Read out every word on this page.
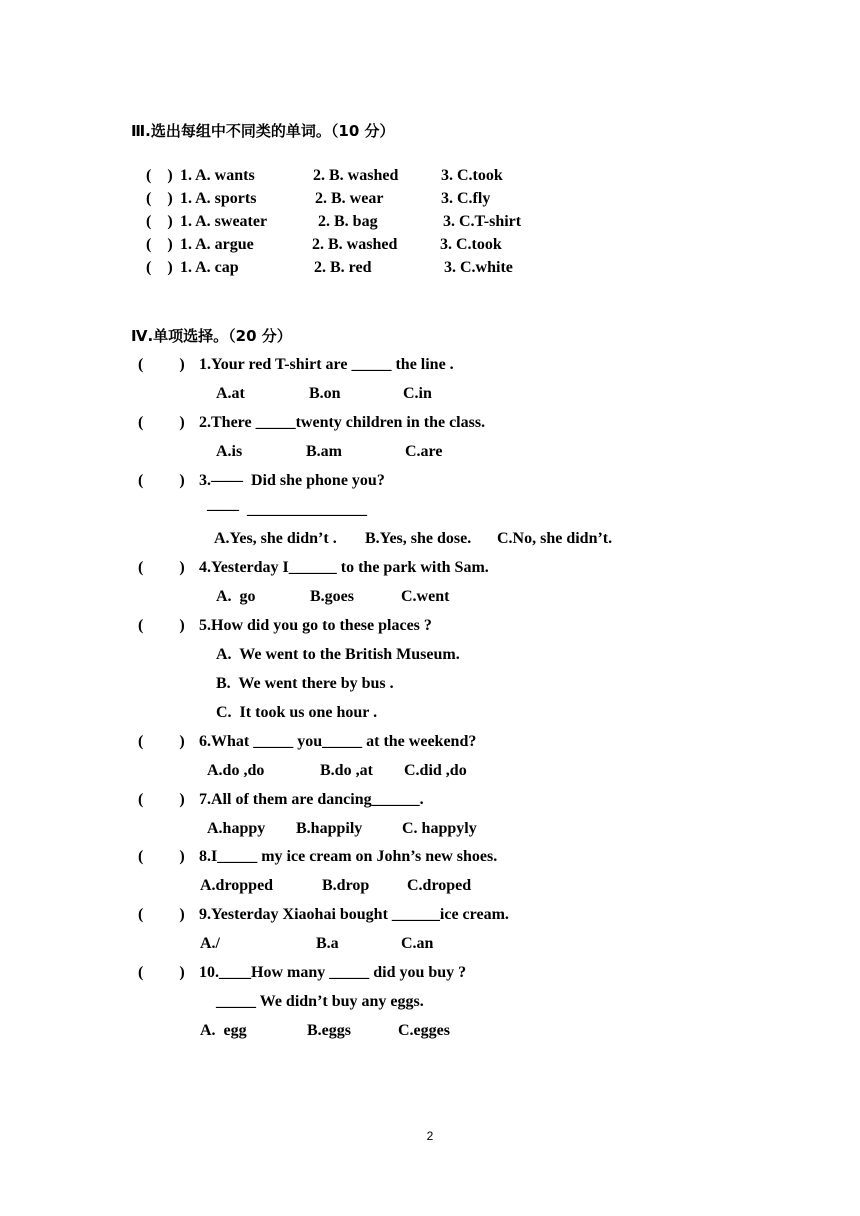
Ⅲ.选出每组中不同类的单词。（10 分）
(    ) 1. A. wants	2. B. washed	3. C.took
(    ) 1. A. sports	2. B. wear	3. C.fly
(    ) 1. A. sweater	2. B. bag	3. C.T-shirt
(    ) 1. A. argue	2. B. washed	3. C.took
(    ) 1. A. cap	2. B. red	3. C.white
Ⅳ.单项选择。（20 分）
(         ) 1.Your red T-shirt are _____ the line .
A.at	B.on	C.in
(         ) 2.There _____twenty children in the class.
A.is	B.am	C.are
(         ) 3.——  Did she phone you?
——  _______________
A.Yes, she didn’t . B.Yes, she dose. C.No, she didn’t.
(         ) 4.Yesterday I______ to the park with Sam.
A.  go	B.goes	C.went
(         ) 5.How did you go to these places ?
A.  We went to the British Museum.
B.  We went there by bus .
C.  It took us one hour .
(         ) 6.What _____ you_____ at the weekend?
A.do ,do	B.do ,at C.did ,do
(         ) 7.All of them are dancing______.
A.happy B.happily C. happyly
(         ) 8.I_____ my ice cream on John’s new shoes.
A.dropped	B.drop C.droped
(         ) 9.Yesterday Xiaohai bought ______ice cream.
A./	B.a	C.an
(         ) 10.____How many _____ did you buy ?
_____ We didn’t buy any eggs.
A.  egg	B.eggs	C.egges
2
